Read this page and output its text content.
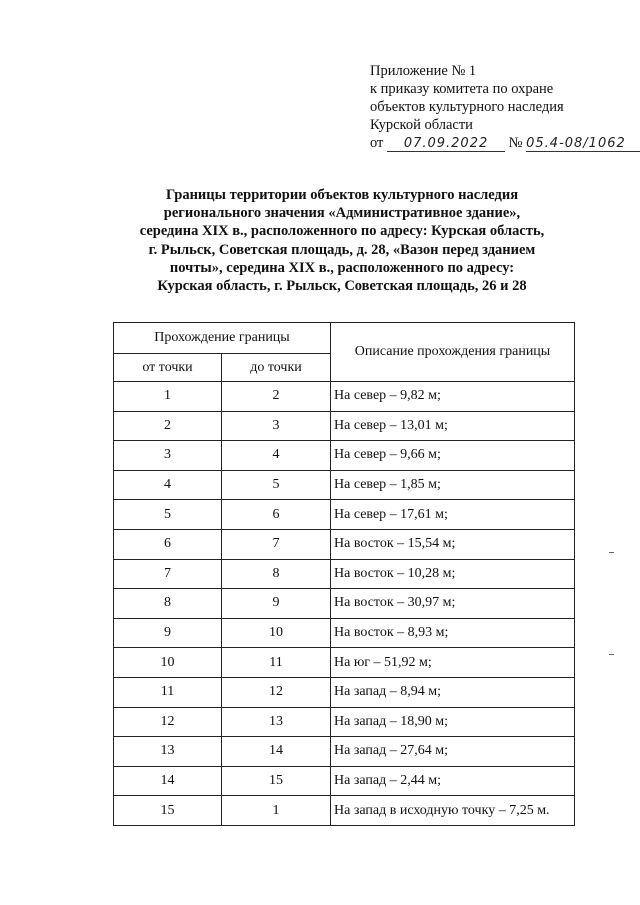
Приложение № 1
к приказу комитета по охране
объектов культурного наследия
Курской области
от 07.09.2022 № 05.4-08/1062
Границы территории объектов культурного наследия
регионального значения «Административное здание»,
середина XIX в., расположенного по адресу: Курская область,
г. Рыльск, Советская площадь, д. 28, «Вазон перед зданием
почты», середина XIX в., расположенного по адресу:
Курская область, г. Рыльск, Советская площадь, 26 и 28
Прохождение границы		Описание прохождения границы
от точки	до точки	
1	2	На север – 9,82 м;
2	3	На север – 13,01 м;
3	4	На север – 9,66 м;
4	5	На север – 1,85 м;
5	6	На север – 17,61 м;
6	7	На восток – 15,54 м;
7	8	На восток – 10,28 м;
8	9	На восток – 30,97 м;
9	10	На восток – 8,93 м;
10	11	На юг – 51,92 м;
11	12	На запад – 8,94 м;
12	13	На запад – 18,90 м;
13	14	На запад – 27,64 м;
14	15	На запад – 2,44 м;
15	1	На запад в исходную точку – 7,25 м.
